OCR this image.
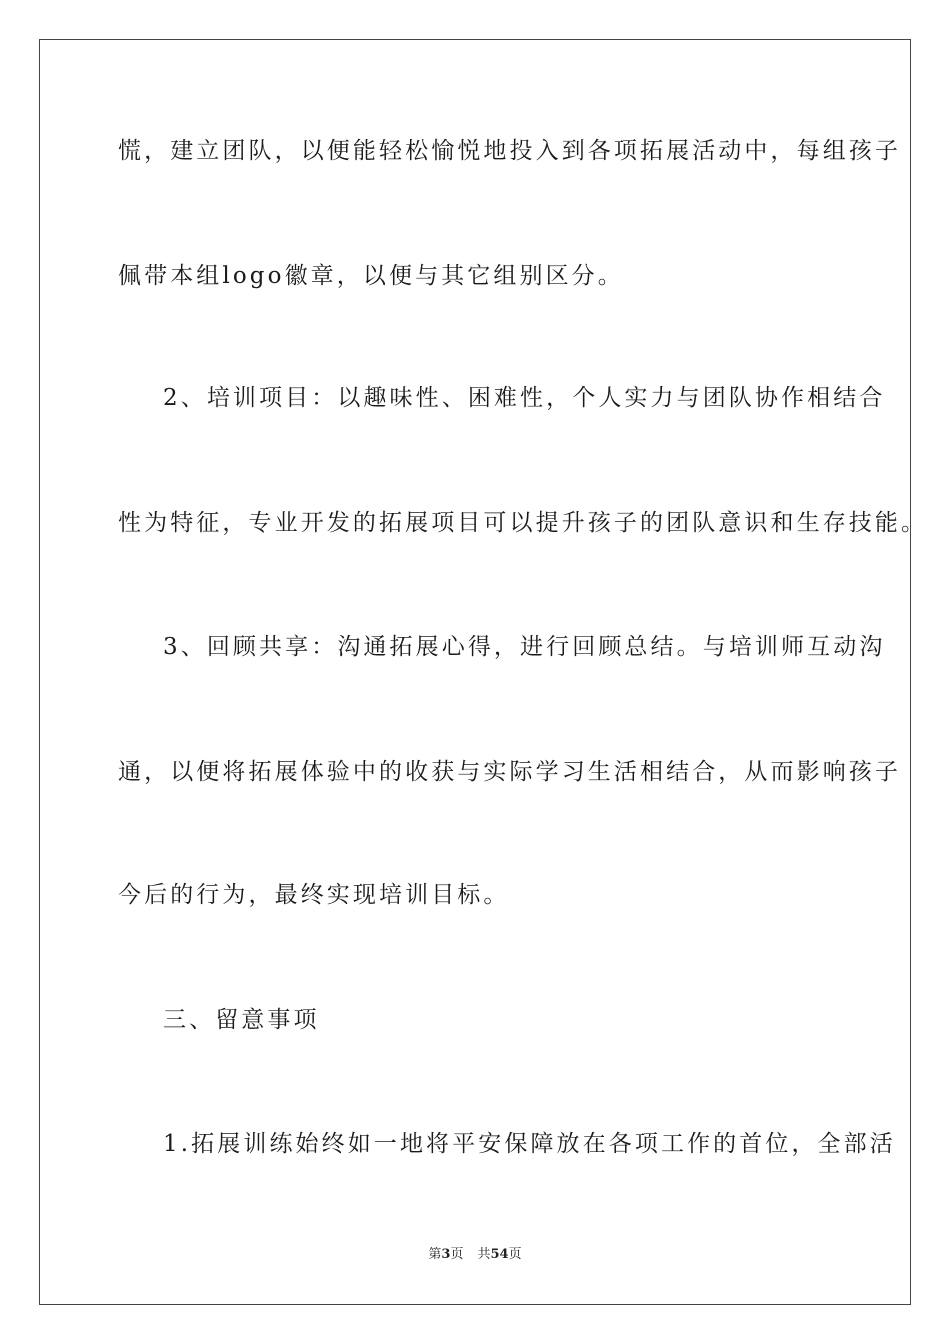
慌，建立团队，以便能轻松愉悦地投入到各项拓展活动中，每组孩子
佩带本组logo徽章，以便与其它组别区分。
2、培训项目：以趣味性、困难性，个人实力与团队协作相结合
性为特征，专业开发的拓展项目可以提升孩子的团队意识和生存技能。
3、回顾共享：沟通拓展心得，进行回顾总结。与培训师互动沟
通，以便将拓展体验中的收获与实际学习生活相结合，从而影响孩子
今后的行为，最终实现培训目标。
三、留意事项
1.拓展训练始终如一地将平安保障放在各项工作的首位，全部活
第3页 共54页
